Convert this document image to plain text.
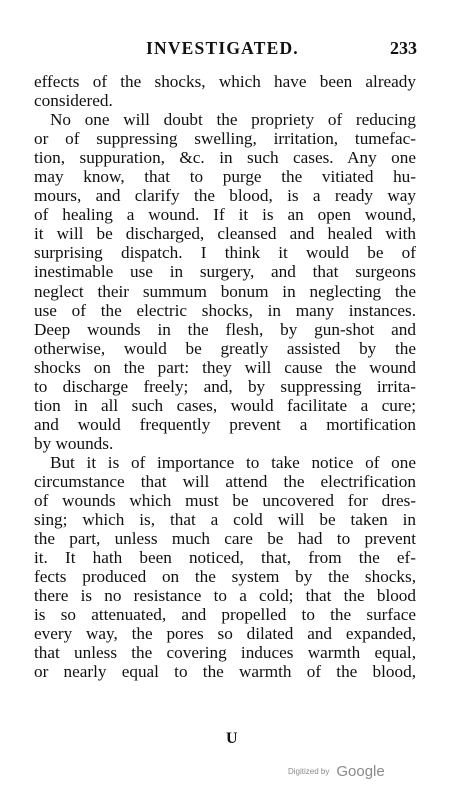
INVESTIGATED.	233
effects of the shocks, which have been already
considered.
No one will doubt the propriety of reducing
or of suppressing swelling, irritation, tumefac-
tion, suppuration, &c. in such cases. Any one
may know, that to purge the vitiated hu-
mours, and clarify the blood, is a ready way
of healing a wound. If it is an open wound,
it will be discharged, cleansed and healed with
surprising dispatch. I think it would be of
inestimable use in surgery, and that surgeons
neglect their summum bonum in neglecting the
use of the electric shocks, in many instances.
Deep wounds in the flesh, by gun-shot and
otherwise, would be greatly assisted by the
shocks on the part: they will cause the wound
to discharge freely; and, by suppressing irrita-
tion in all such cases, would facilitate a cure;
and would frequently prevent a mortification
by wounds.
But it is of importance to take notice of one
circumstance that will attend the electrification
of wounds which must be uncovered for dres-
sing; which is, that a cold will be taken in
the part, unless much care be had to prevent
it. It hath been noticed, that, from the ef-
fects produced on the system by the shocks,
there is no resistance to a cold; that the blood
is so attenuated, and propelled to the surface
every way, the pores so dilated and expanded,
that unless the covering induces warmth equal,
or nearly equal to the warmth of the blood,
U
Digitized by Google
